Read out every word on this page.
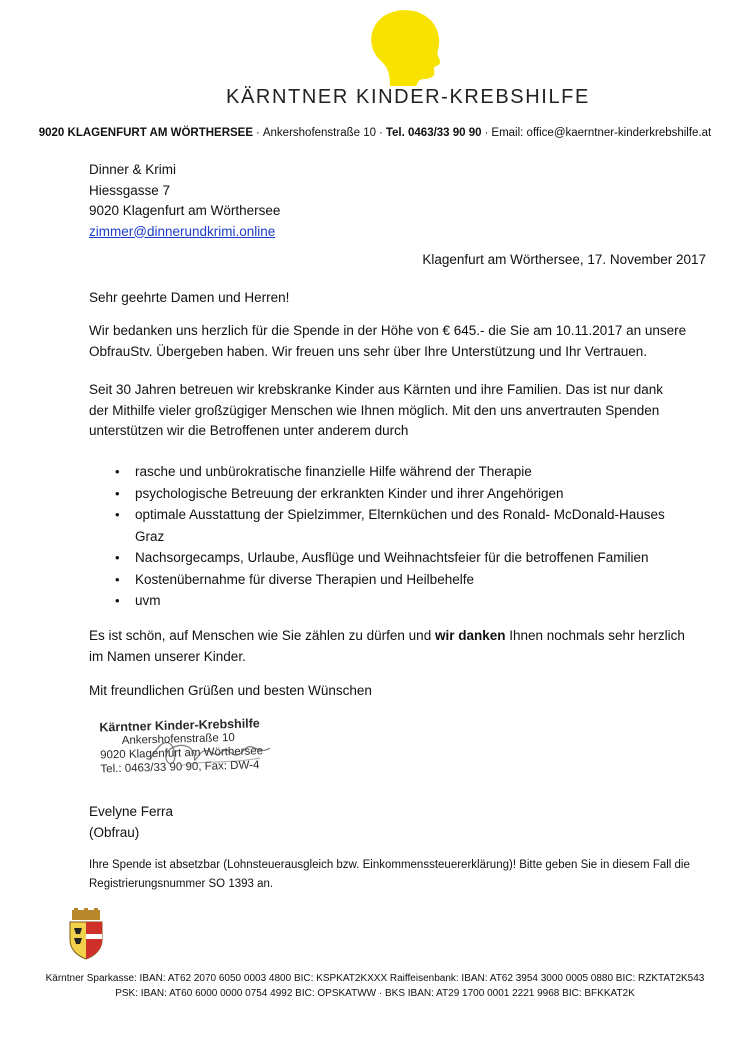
KÄRNTNER KINDER-KREBSHILFE
9020 KLAGENFURT AM WÖRTHERSEE · Ankershofenstraße 10 · Tel. 0463/33 90 90 · Email: office@kaerntner-kinderkrebshilfe.at
Dinner & Krimi
Hiessgasse 7
9020 Klagenfurt am Wörthersee
zimmer@dinnerundkrimi.online
Klagenfurt am Wörthersee, 17. November 2017
Sehr geehrte Damen und Herren!
Wir bedanken uns herzlich für die Spende in der Höhe von € 645.- die Sie am 10.11.2017 an unsere
ObfrauStv. Übergeben haben. Wir freuen uns sehr über Ihre Unterstützung und Ihr Vertrauen.
Seit 30 Jahren betreuen wir krebskranke Kinder aus Kärnten und ihre Familien. Das ist nur dank
der Mithilfe vieler großzügiger Menschen wie Ihnen möglich. Mit den uns anvertrauten Spenden
unterstützen wir die Betroffenen unter anderem durch
• rasche und unbürokratische finanzielle Hilfe während der Therapie
• psychologische Betreuung der erkrankten Kinder und ihrer Angehörigen
• optimale Ausstattung der Spielzimmer, Elternküchen und des Ronald- McDonald-Hauses
Graz
• Nachsorgecamps, Urlaube, Ausflüge und Weihnachtsfeier für die betroffenen Familien
• Kostenübernahme für diverse Therapien und Heilbehelfe
• uvm
Es ist schön, auf Menschen wie Sie zählen zu dürfen und wir danken Ihnen nochmals sehr herzlich
im Namen unserer Kinder.
Mit freundlichen Grüßen und besten Wünschen
Kärntner Kinder-Krebshilfe
Ankershofenstraße 10
9020 Klagenfurt am Wörthersee
Tel.: 0463/33 90 90, Fax: DW-4
Evelyne Ferra
(Obfrau)
Ihre Spende ist absetzbar (Lohnsteuerausgleich bzw. Einkommenssteuererklärung)! Bitte geben Sie in diesem Fall die
Registrierungsnummer SO 1393 an.
Kärntner Sparkasse: IBAN: AT62 2070 6050 0003 4800 BIC: KSPKAT2KXXX Raiffeisenbank: IBAN: AT62 3954 3000 0005 0880 BIC: RZKTAT2K543
PSK: IBAN: AT60 6000 0000 0754 4992 BIC: OPSKATWW · BKS IBAN: AT29 1700 0001 2221 9968 BIC: BFKKAT2K
